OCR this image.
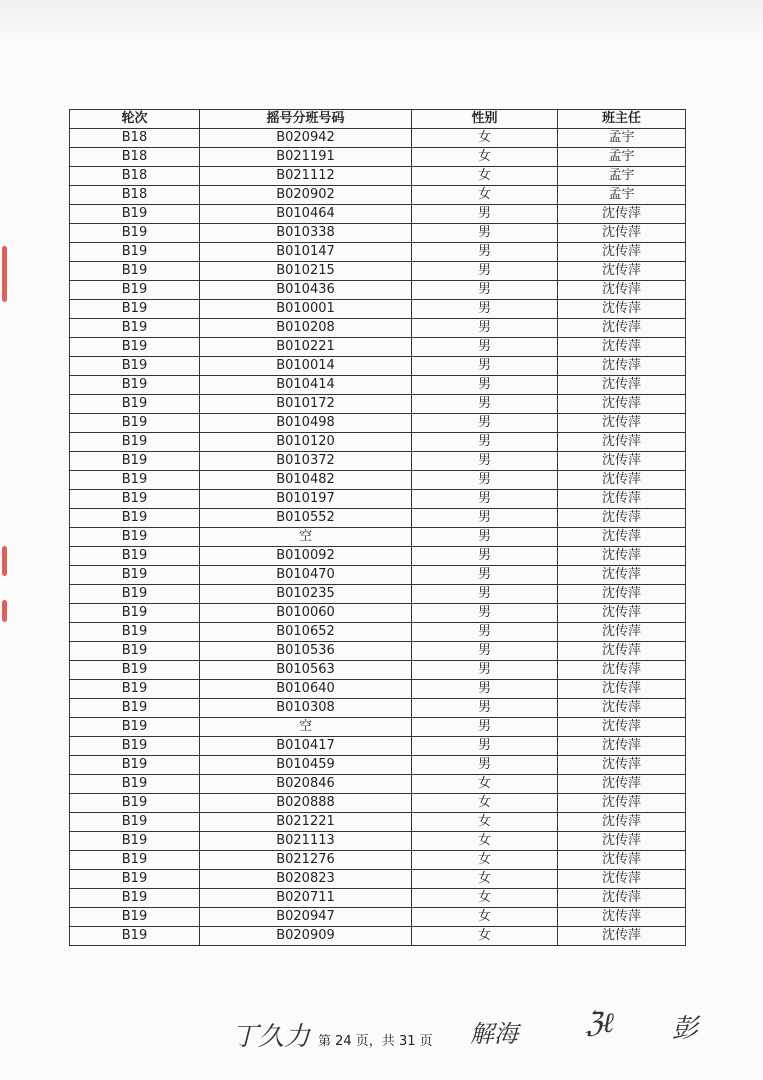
轮次	摇号分班号码	性别	班主任
B18	B020942	女	孟宇
B18	B021191	女	孟宇
B18	B021112	女	孟宇
B18	B020902	女	孟宇
B19	B010464	男	沈传萍
B19	B010338	男	沈传萍
B19	B010147	男	沈传萍
B19	B010215	男	沈传萍
B19	B010436	男	沈传萍
B19	B010001	男	沈传萍
B19	B010208	男	沈传萍
B19	B010221	男	沈传萍
B19	B010014	男	沈传萍
B19	B010414	男	沈传萍
B19	B010172	男	沈传萍
B19	B010498	男	沈传萍
B19	B010120	男	沈传萍
B19	B010372	男	沈传萍
B19	B010482	男	沈传萍
B19	B010197	男	沈传萍
B19	B010552	男	沈传萍
B19	空	男	沈传萍
B19	B010092	男	沈传萍
B19	B010470	男	沈传萍
B19	B010235	男	沈传萍
B19	B010060	男	沈传萍
B19	B010652	男	沈传萍
B19	B010536	男	沈传萍
B19	B010563	男	沈传萍
B19	B010640	男	沈传萍
B19	B010308	男	沈传萍
B19	空	男	沈传萍
B19	B010417	男	沈传萍
B19	B010459	男	沈传萍
B19	B020846	女	沈传萍
B19	B020888	女	沈传萍
B19	B021221	女	沈传萍
B19	B021113	女	沈传萍
B19	B021276	女	沈传萍
B19	B020823	女	沈传萍
B19	B020711	女	沈传萍
B19	B020947	女	沈传萍
B19	B020909	女	沈传萍
丁久力 第 24 页，共 31 页 解海 ℨℓ 彭
